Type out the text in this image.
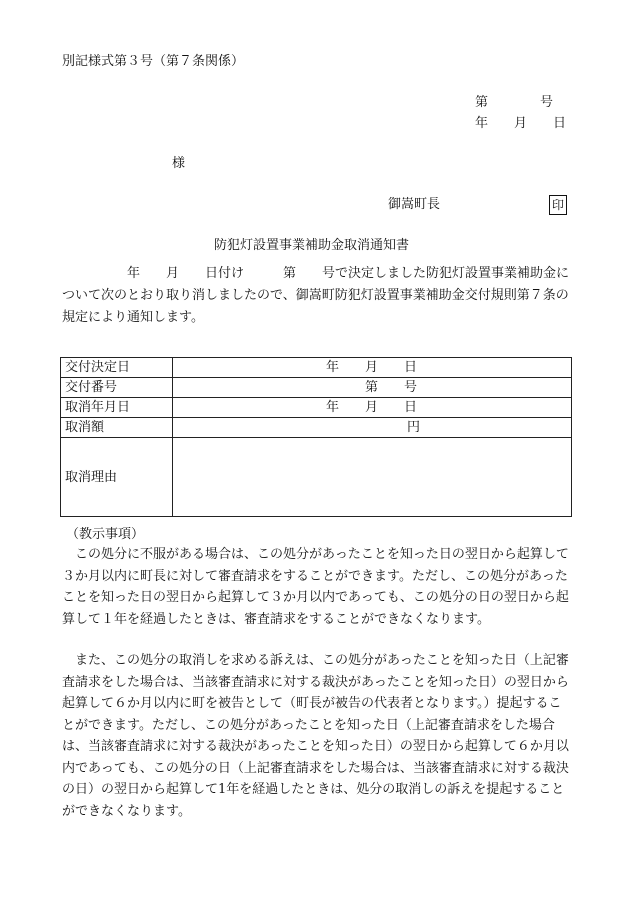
別記様式第３号（第７条関係）
第　　　　号
年　　月　　日
様
御嵩町長	印
防犯灯設置事業補助金取消通知書
　　　　　年　　月　　日付け　　　第　　号で決定しました防犯灯設置事業補助金について次のとおり取り消しましたので、御嵩町防犯灯設置事業補助金交付規則第７条の規定により通知します。
交付決定日	年　　月　　日

交付番号	第　　号

取消年月日	年　　月　　日

取消額	円

取消理由	
（教示事項）
この処分に不服がある場合は、この処分があったことを知った日の翌日から起算して３か月以内に町長に対して審査請求をすることができます。ただし、この処分があったことを知った日の翌日から起算して３か月以内であっても、この処分の日の翌日から起算して１年を経過したときは、審査請求をすることができなくなります。
また、この処分の取消しを求める訴えは、この処分があったことを知った日（上記審査請求をした場合は、当該審査請求に対する裁決があったことを知った日）の翌日から起算して６か月以内に町を被告として（町長が被告の代表者となります。）提起することができます。ただし、この処分があったことを知った日（上記審査請求をした場合は、当該審査請求に対する裁決があったことを知った日）の翌日から起算して６か月以内であっても、この処分の日（上記審査請求をした場合は、当該審査請求に対する裁決の日）の翌日から起算して1年を経過したときは、処分の取消しの訴えを提起することができなくなります。
